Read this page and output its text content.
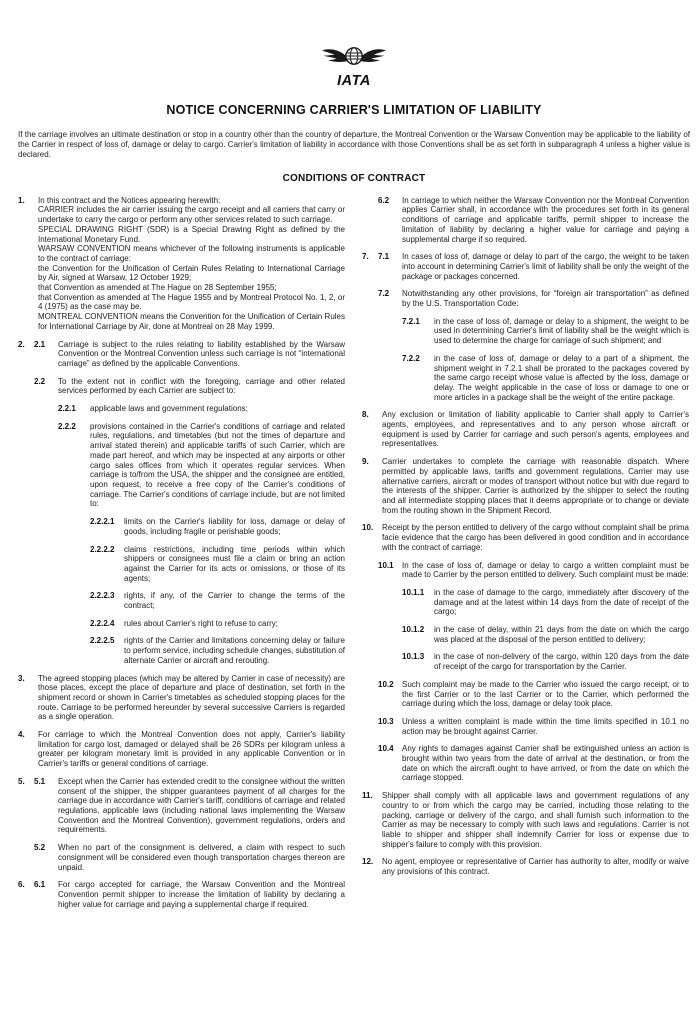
IATA
NOTICE CONCERNING CARRIER'S LIMITATION OF LIABILITY
If the carriage involves an ultimate destination or stop in a country other than the country of departure, the Montreal Convention or the Warsaw Convention may be applicable to the liability of the Carrier in respect of loss of, damage or delay to cargo. Carrier's limitation of liability in accordance with those Conventions shall be as set forth in subparagraph 4 unless a higher value is declared.
CONDITIONS OF CONTRACT
1. In this contract and the Notices appearing herewith:

CARRIER includes the air carrier issuing the cargo receipt and all carriers that carry or undertake to carry the cargo or perform any other services related to such carriage.

SPECIAL DRAWING RIGHT (SDR) is a Special Drawing Right as defined by the International Monetary Fund.

WARSAW CONVENTION means whichever of the following instruments is applicable to the contract of carriage:

the Convention for the Unification of Certain Rules Relating to International Carriage by Air, signed at Warsaw, 12 October 1929;

that Convention as amended at The Hague on 28 September 1955;

that Convention as amended at The Hague 1955 and by Montreal Protocol No. 1, 2, or 4 (1975) as the case may be.

MONTREAL CONVENTION means the Convention for the Unification of Certain Rules for International Carriage by Air, done at Montreal on 28 May 1999.

2. 2.1 Carriage is subject to the rules relating to liability established by the Warsaw Convention or the Montreal Convention unless such carriage is not “international carriage” as defined by the applicable Conventions.

2.2 To the extent not in conflict with the foregoing, carriage and other related services performed by each Carrier are subject to:

2.2.1 applicable laws and government regulations;

2.2.2 provisions contained in the Carrier's conditions of carriage and related rules, regulations, and timetables (but not the times of departure and arrival stated therein) and applicable tariffs of such Carrier, which are made part hereof, and which may be inspected at any airports or other cargo sales offices from which it operates regular services. When carriage is to/from the USA, the shipper and the consignee are entitled, upon request, to receive a free copy of the Carrier's conditions of carriage. The Carrier's conditions of carriage include, but are not limited to:

2.2.2.1 limits on the Carrier's liability for loss, damage or delay of goods, including fragile or perishable goods;

2.2.2.2 claims restrictions, including time periods within which shippers or consignees must file a claim or bring an action against the Carrier for its acts or omissions, or those of its agents;

2.2.2.3 rights, if any, of the Carrier to change the terms of the contract;

2.2.2.4 rules about Carrier's right to refuse to carry;

2.2.2.5 rights of the Carrier and limitations concerning delay or failure to perform service, including schedule changes, substitution of alternate Carrier or aircraft and rerouting.

3. The agreed stopping places (which may be altered by Carrier in case of necessity) are those places, except the place of departure and place of destination, set forth in the shipment record or shown in Carrier's timetables as scheduled stopping places for the route. Carriage to be performed hereunder by several successive Carriers is regarded as a single operation.

4. For carriage to which the Montreal Convention does not apply, Carrier's liability limitation for cargo lost, damaged or delayed shall be 26 SDRs per kilogram unless a greater per kilogram monetary limit is provided in any applicable Convention or in Carrier's tariffs or general conditions of carriage.

5. 5.1 Except when the Carrier has extended credit to the consignee without the written consent of the shipper, the shipper guarantees payment of all charges for the carriage due in accordance with Carrier's tariff, conditions of carriage and related regulations, applicable laws (including national laws implementing the Warsaw Convention and the Montreal Convention), government regulations, orders and requirements.

5.2 When no part of the consignment is delivered, a claim with respect to such consignment will be considered even though transportation charges thereon are unpaid.

6. 6.1 For cargo accepted for carriage, the Warsaw Convention and the Montreal Convention permit shipper to increase the limitation of liability by declaring a higher value for carriage and paying a supplemental charge if required.

6.2 In carriage to which neither the Warsaw Convention nor the Montreal Convention applies Carrier shall, in accordance with the procedures set forth in its general conditions of carriage and applicable tariffs, permit shipper to increase the limitation of liability by declaring a higher value for carriage and paying a supplemental charge if so required.

7. 7.1 In cases of loss of, damage or delay to part of the cargo, the weight to be taken into account in determining Carrier's limit of liability shall be only the weight of the package or packages concerned.

7.2 Notwithstanding any other provisions, for “foreign air transportation” as defined by the U.S. Transportation Code:

7.2.1 in the case of loss of, damage or delay to a shipment, the weight to be used in determining Carrier's limit of liability shall be the weight which is used to determine the charge for carriage of such shipment; and

7.2.2 in the case of loss of, damage or delay to a part of a shipment, the shipment weight in 7.2.1 shall be prorated to the packages covered by the same cargo receipt whose value is affected by the loss, damage or delay. The weight applicable in the case of loss or damage to one or more articles in a package shall be the weight of the entire package.

8. Any exclusion or limitation of liability applicable to Carrier shall apply to Carrier's agents, employees, and representatives and to any person whose aircraft or equipment is used by Carrier for carriage and such person's agents, employees and representatives.

9. Carrier undertakes to complete the carriage with reasonable dispatch. Where permitted by applicable laws, tariffs and government regulations, Carrier may use alternative carriers, aircraft or modes of transport without notice but with due regard to the interests of the shipper. Carrier is authorized by the shipper to select the routing and all intermediate stopping places that it deems appropriate or to change or deviate from the routing shown in the Shipment Record.

10. Receipt by the person entitled to delivery of the cargo without complaint shall be prima facie evidence that the cargo has been delivered in good condition and in accordance with the contract of carriage:

10.1 In the case of loss of, damage or delay to cargo a written complaint must be made to Carrier by the person entitled to delivery. Such complaint must be made:

10.1.1 in the case of damage to the cargo, immediately after discovery of the damage and at the latest within 14 days from the date of receipt of the cargo;

10.1.2 in the case of delay, within 21 days from the date on which the cargo was placed at the disposal of the person entitled to delivery;

10.1.3 in the case of non-delivery of the cargo, within 120 days from the date of receipt of the cargo for transportation by the Carrier.

10.2 Such complaint may be made to the Carrier who issued the cargo receipt, or to the first Carrier or to the last Carrier or to the Carrier, which performed the carriage during which the loss, damage or delay took place.

10.3 Unless a written complaint is made within the time limits specified in 10.1 no action may be brought against Carrier.

10.4 Any rights to damages against Carrier shall be extinguished unless an action is brought within two years from the date of arrival at the destination, or from the date on which the aircraft ought to have arrived, or from the date on which the carriage stopped.

11. Shipper shall comply with all applicable laws and government regulations of any country to or from which the cargo may be carried, including those relating to the packing, carriage or delivery of the cargo, and shall furnish such information to the Carrier as may be necessary to comply with such laws and regulations. Carrier is not liable to shipper and shipper shall indemnify Carrier for loss or expense due to shipper's failure to comply with this provision.

12. No agent, employee or representative of Carrier has authority to alter, modify or waive any provisions of this contract.
